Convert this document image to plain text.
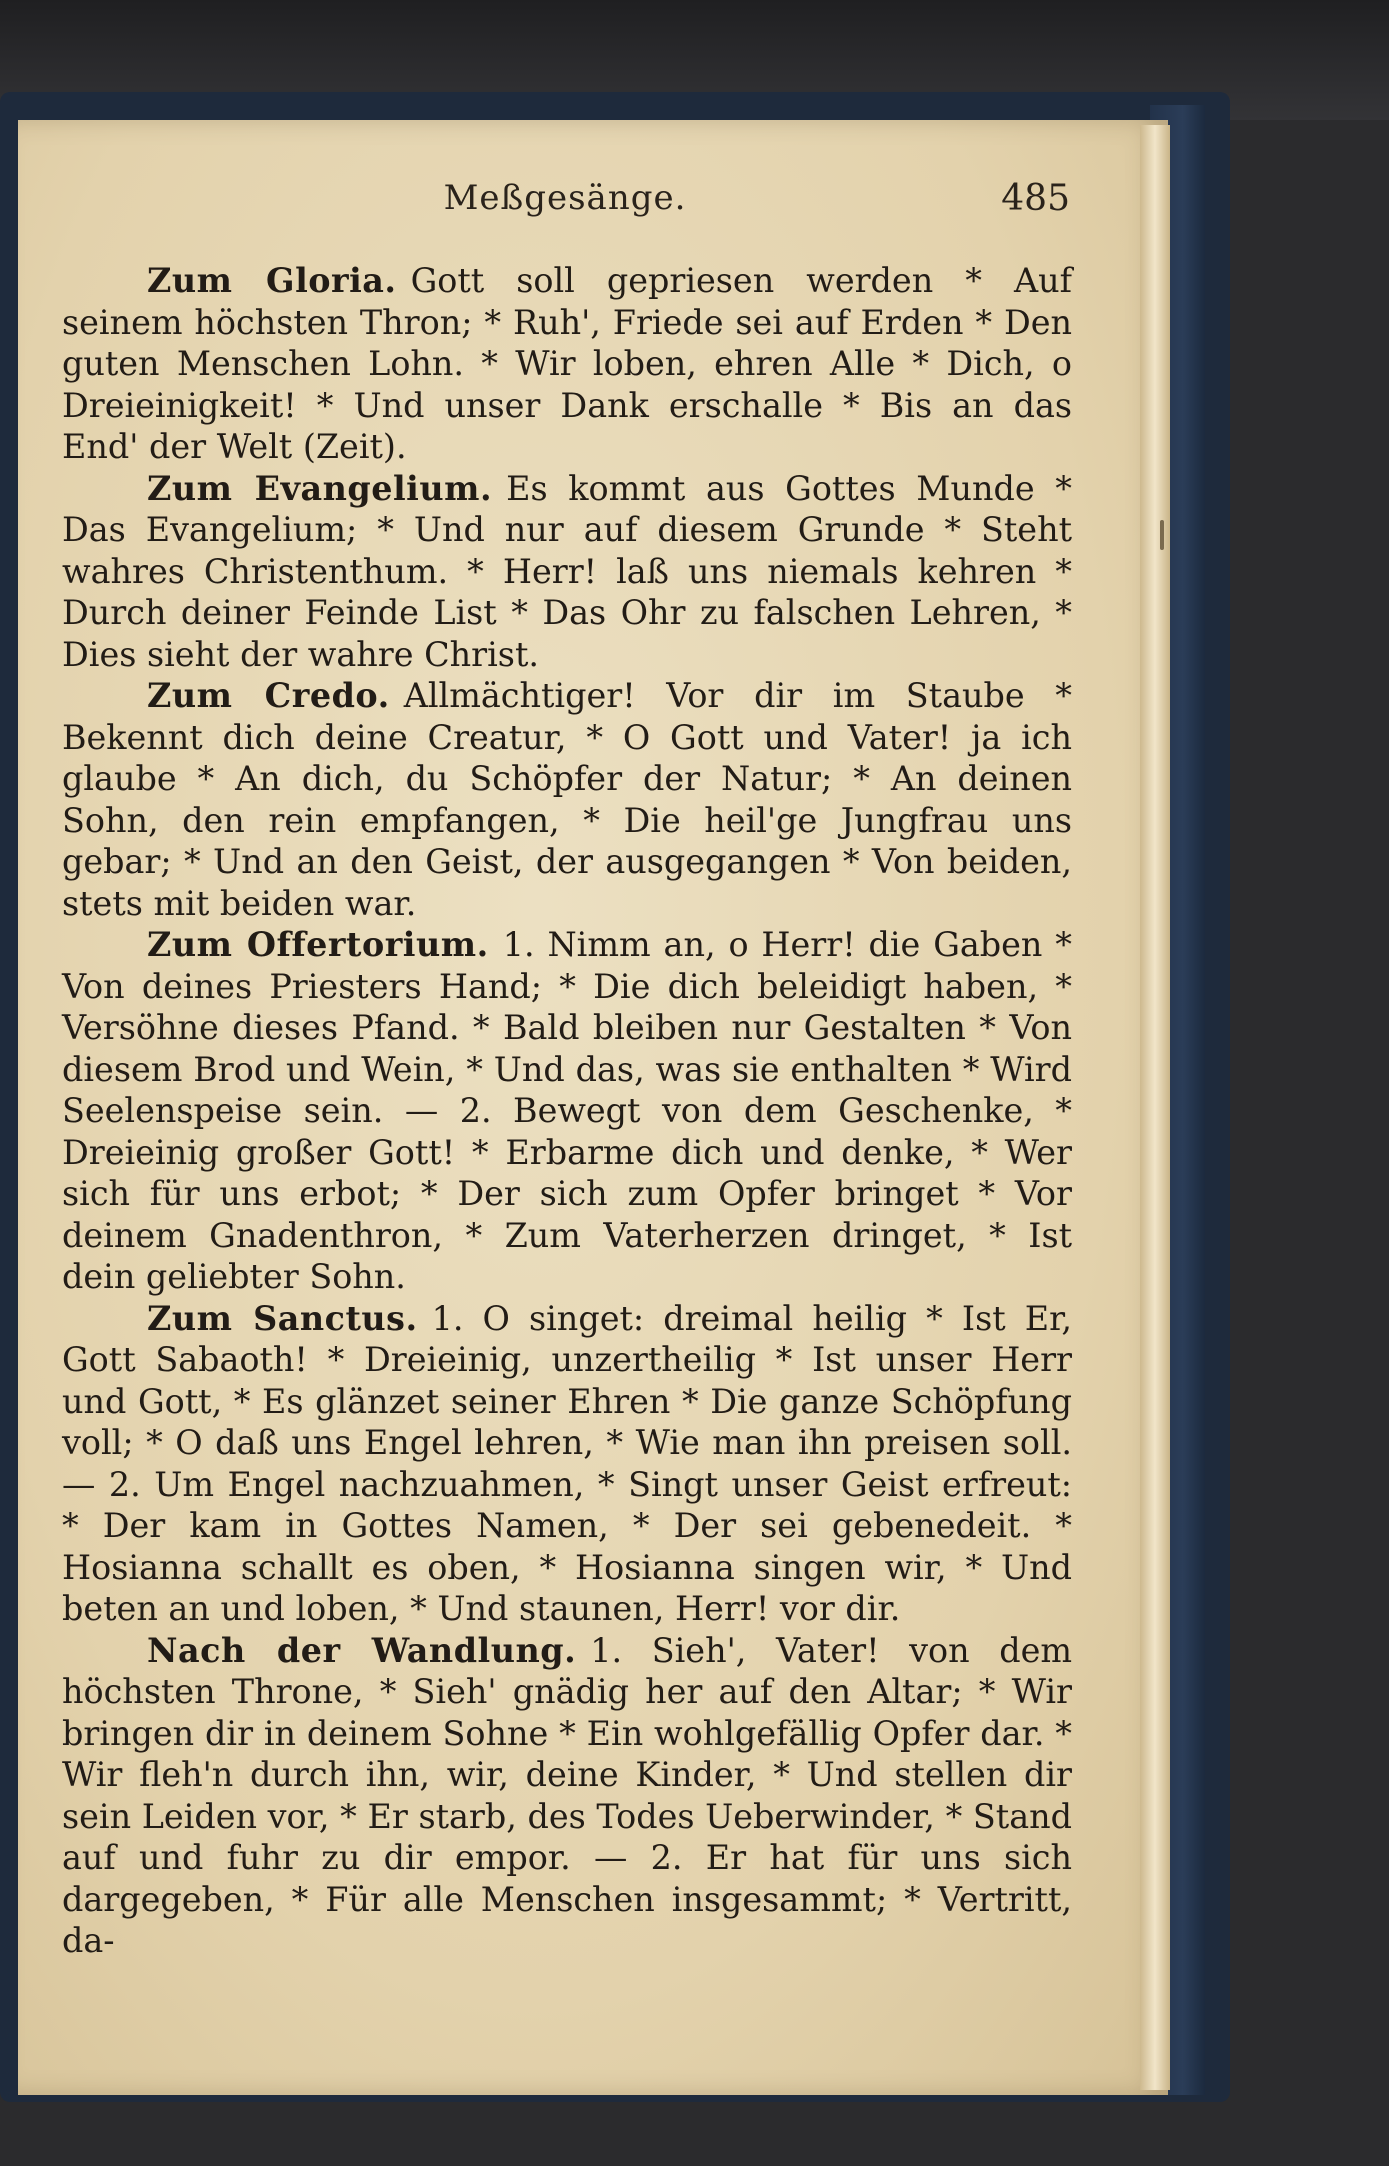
Meßgesänge.	485

Zum Gloria. Gott soll gepriesen werden * Auf seinem höchsten Thron; * Ruh', Friede sei auf Erden * Den guten Menschen Lohn. * Wir loben, ehren Alle * Dich, o Dreieinigkeit! * Und unser Dank erschalle * Bis an das End' der Welt (Zeit).

Zum Evangelium. Es kommt aus Gottes Munde * Das Evangelium; * Und nur auf diesem Grunde * Steht wahres Christenthum. * Herr! laß uns niemals kehren * Durch deiner Feinde List * Das Ohr zu falschen Lehren, * Dies sieht der wahre Christ.

Zum Credo. Allmächtiger! Vor dir im Staube * Bekennt dich deine Creatur, * O Gott und Vater! ja ich glaube * An dich, du Schöpfer der Natur; * An deinen Sohn, den rein empfangen, * Die heil'ge Jungfrau uns gebar; * Und an den Geist, der ausgegangen * Von beiden, stets mit beiden war.

Zum Offertorium. 1. Nimm an, o Herr! die Gaben * Von deines Priesters Hand; * Die dich beleidigt haben, * Versöhne dieses Pfand. * Bald bleiben nur Gestalten * Von diesem Brod und Wein, * Und das, was sie enthalten * Wird Seelenspeise sein. — 2. Bewegt von dem Geschenke, * Dreieinig großer Gott! * Erbarme dich und denke, * Wer sich für uns erbot; * Der sich zum Opfer bringet * Vor deinem Gnadenthron, * Zum Vaterherzen dringet, * Ist dein geliebter Sohn.

Zum Sanctus. 1. O singet: dreimal heilig * Ist Er, Gott Sabaoth! * Dreieinig, unzertheilig * Ist unser Herr und Gott, * Es glänzet seiner Ehren * Die ganze Schöpfung voll; * O daß uns Engel lehren, * Wie man ihn preisen soll. — 2. Um Engel nachzuahmen, * Singt unser Geist erfreut: * Der kam in Gottes Namen, * Der sei gebenedeit. * Hosianna schallt es oben, * Hosianna singen wir, * Und beten an und loben, * Und staunen, Herr! vor dir.

Nach der Wandlung. 1. Sieh', Vater! von dem höchsten Throne, * Sieh' gnädig her auf den Altar; * Wir bringen dir in deinem Sohne * Ein wohlgefällig Opfer dar. * Wir fleh'n durch ihn, wir, deine Kinder, * Und stellen dir sein Leiden vor, * Er starb, des Todes Ueberwinder, * Stand auf und fuhr zu dir empor. — 2. Er hat für uns sich dargegeben, * Für alle Menschen insgesammt; * Vertritt, da-
